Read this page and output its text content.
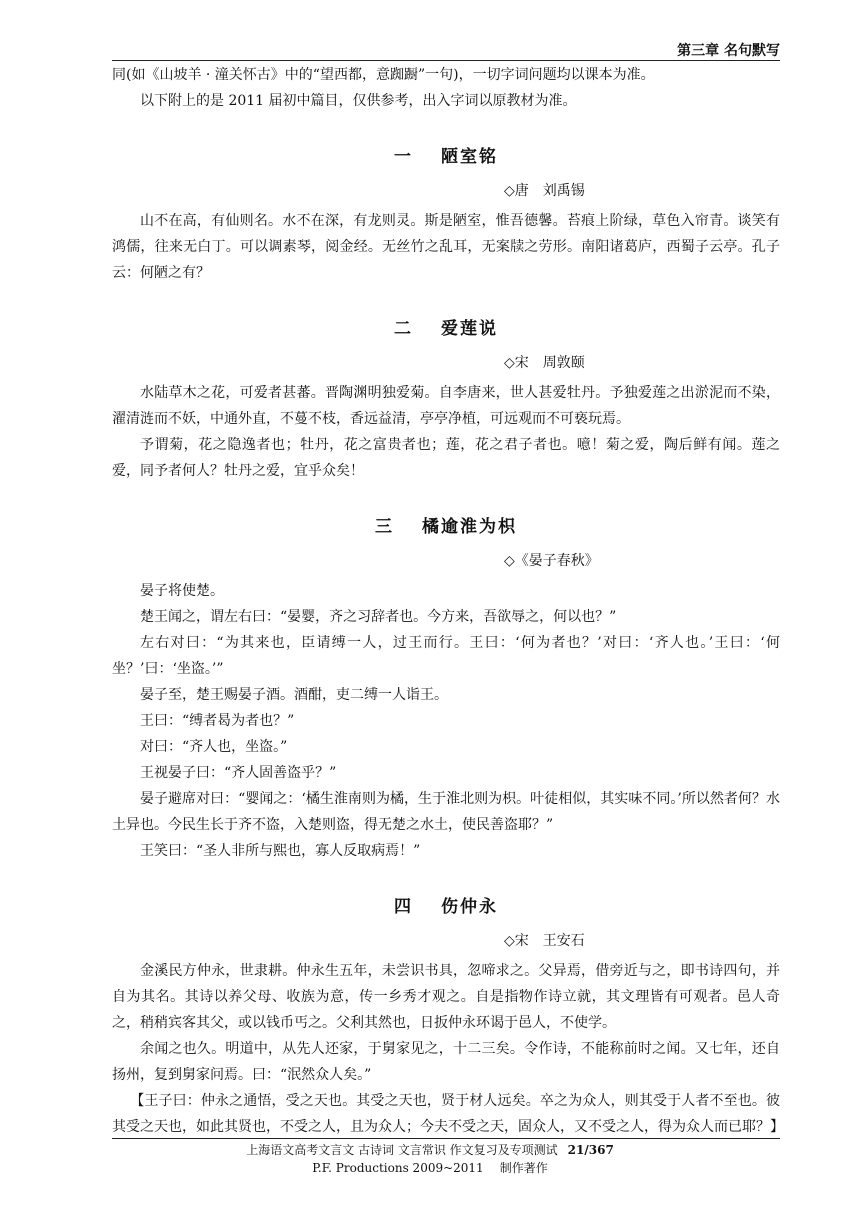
第三章 名句默写

同(如《山坡羊 · 潼关怀古》中的“望西都，意踟蹰”一句)，一切字词问题均以课本为准。

以下附上的是 2011 届初中篇目，仅供参考，出入字词以原教材为准。

一 陋室铭
◇唐　刘禹锡

山不在高，有仙则名。水不在深，有龙则灵。斯是陋室，惟吾德馨。苔痕上阶绿，草色入帘青。谈笑有鸿儒，往来无白丁。可以调素琴，阅金经。无丝竹之乱耳，无案牍之劳形。南阳诸葛庐，西蜀子云亭。孔子云：何陋之有？

二 爱莲说
◇宋　周敦颐

水陆草木之花，可爱者甚蕃。晋陶渊明独爱菊。自李唐来，世人甚爱牡丹。予独爱莲之出淤泥而不染，濯清涟而不妖，中通外直，不蔓不枝，香远益清，亭亭净植，可远观而不可亵玩焉。

予谓菊，花之隐逸者也；牡丹，花之富贵者也；莲，花之君子者也。噫！菊之爱，陶后鲜有闻。莲之爱，同予者何人？牡丹之爱，宜乎众矣！

三 橘逾淮为枳
◇《晏子春秋》

晏子将使楚。

楚王闻之，谓左右曰：“晏婴，齐之习辞者也。今方来，吾欲辱之，何以也？”

左右对曰：“为其来也，臣请缚一人，过王而行。王曰：‘何为者也？’对曰：‘齐人也。’王曰：‘何坐？’曰：‘坐盗。’”

晏子至，楚王赐晏子酒。酒酣，吏二缚一人诣王。

王曰：“缚者曷为者也？”

对曰：“齐人也，坐盗。”

王视晏子曰：“齐人固善盗乎？”

晏子避席对曰：“婴闻之：‘橘生淮南则为橘，生于淮北则为枳。叶徒相似，其实味不同。’所以然者何？水土异也。今民生长于齐不盗，入楚则盗，得无楚之水土，使民善盗耶？”

王笑曰：“圣人非所与熙也，寡人反取病焉！”

四 伤仲永
◇宋　王安石

金溪民方仲永，世隶耕。仲永生五年，未尝识书具，忽啼求之。父异焉，借旁近与之，即书诗四句，并自为其名。其诗以养父母、收族为意，传一乡秀才观之。自是指物作诗立就，其文理皆有可观者。邑人奇之，稍稍宾客其父，或以钱币丐之。父利其然也，日扳仲永环谒于邑人，不使学。

余闻之也久。明道中，从先人还家，于舅家见之，十二三矣。令作诗，不能称前时之闻。又七年，还自扬州，复到舅家问焉。曰：“泯然众人矣。”

【王子曰：仲永之通悟，受之天也。其受之天也，贤于材人远矣。卒之为众人，则其受于人者不至也。彼其受之天也，如此其贤也，不受之人，且为众人；今夫不受之天，固众人，又不受之人，得为众人而已耶？】

上海语文高考文言文 古诗词 文言常识 作文复习及专项测试 21/367
P.F. Productions 2009~2011 制作著作
